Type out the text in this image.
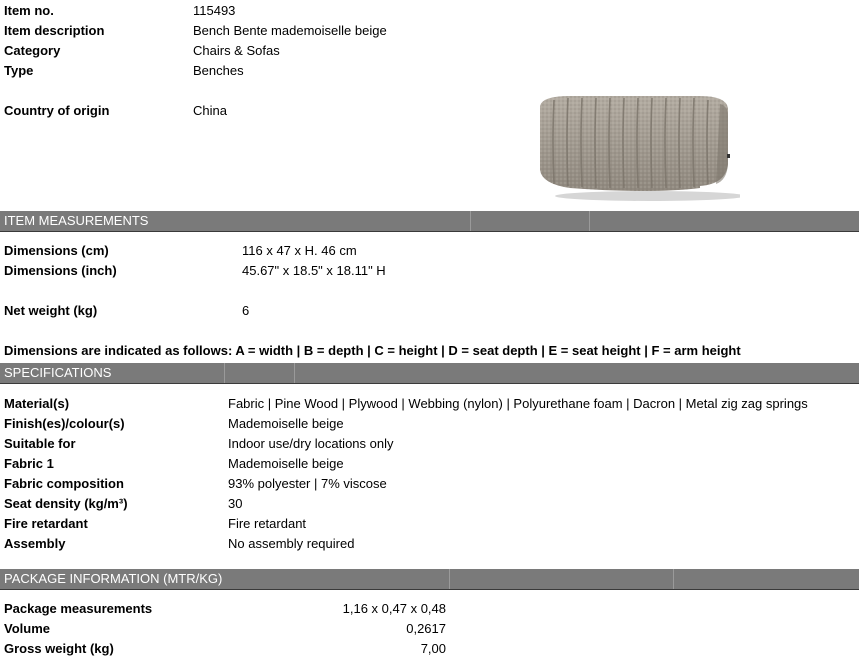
Item no.	115493
Item description	Bench Bente mademoiselle beige
Category	Chairs & Sofas
Type	Benches
Country of origin	China
ITEM MEASUREMENTS
Dimensions (cm)	116 x 47 x H. 46 cm
Dimensions (inch)	45.67" x 18.5" x 18.11" H
Net weight (kg)	6
Dimensions are indicated as follows: A = width | B = depth | C = height | D = seat depth | E = seat height | F = arm height
SPECIFICATIONS
Material(s)	Fabric | Pine Wood | Plywood | Webbing (nylon) | Polyurethane foam | Dacron | Metal zig zag springs
Finish(es)/colour(s)	Mademoiselle beige
Suitable for	Indoor use/dry locations only
Fabric 1	Mademoiselle beige
Fabric composition	93% polyester | 7% viscose
Seat density (kg/m³)	30
Fire retardant	Fire retardant
Assembly	No assembly required
PACKAGE INFORMATION (MTR/KG)
Package measurements	1,16 x 0,47 x 0,48
Volume	0,2617
Gross weight (kg)	7,00
